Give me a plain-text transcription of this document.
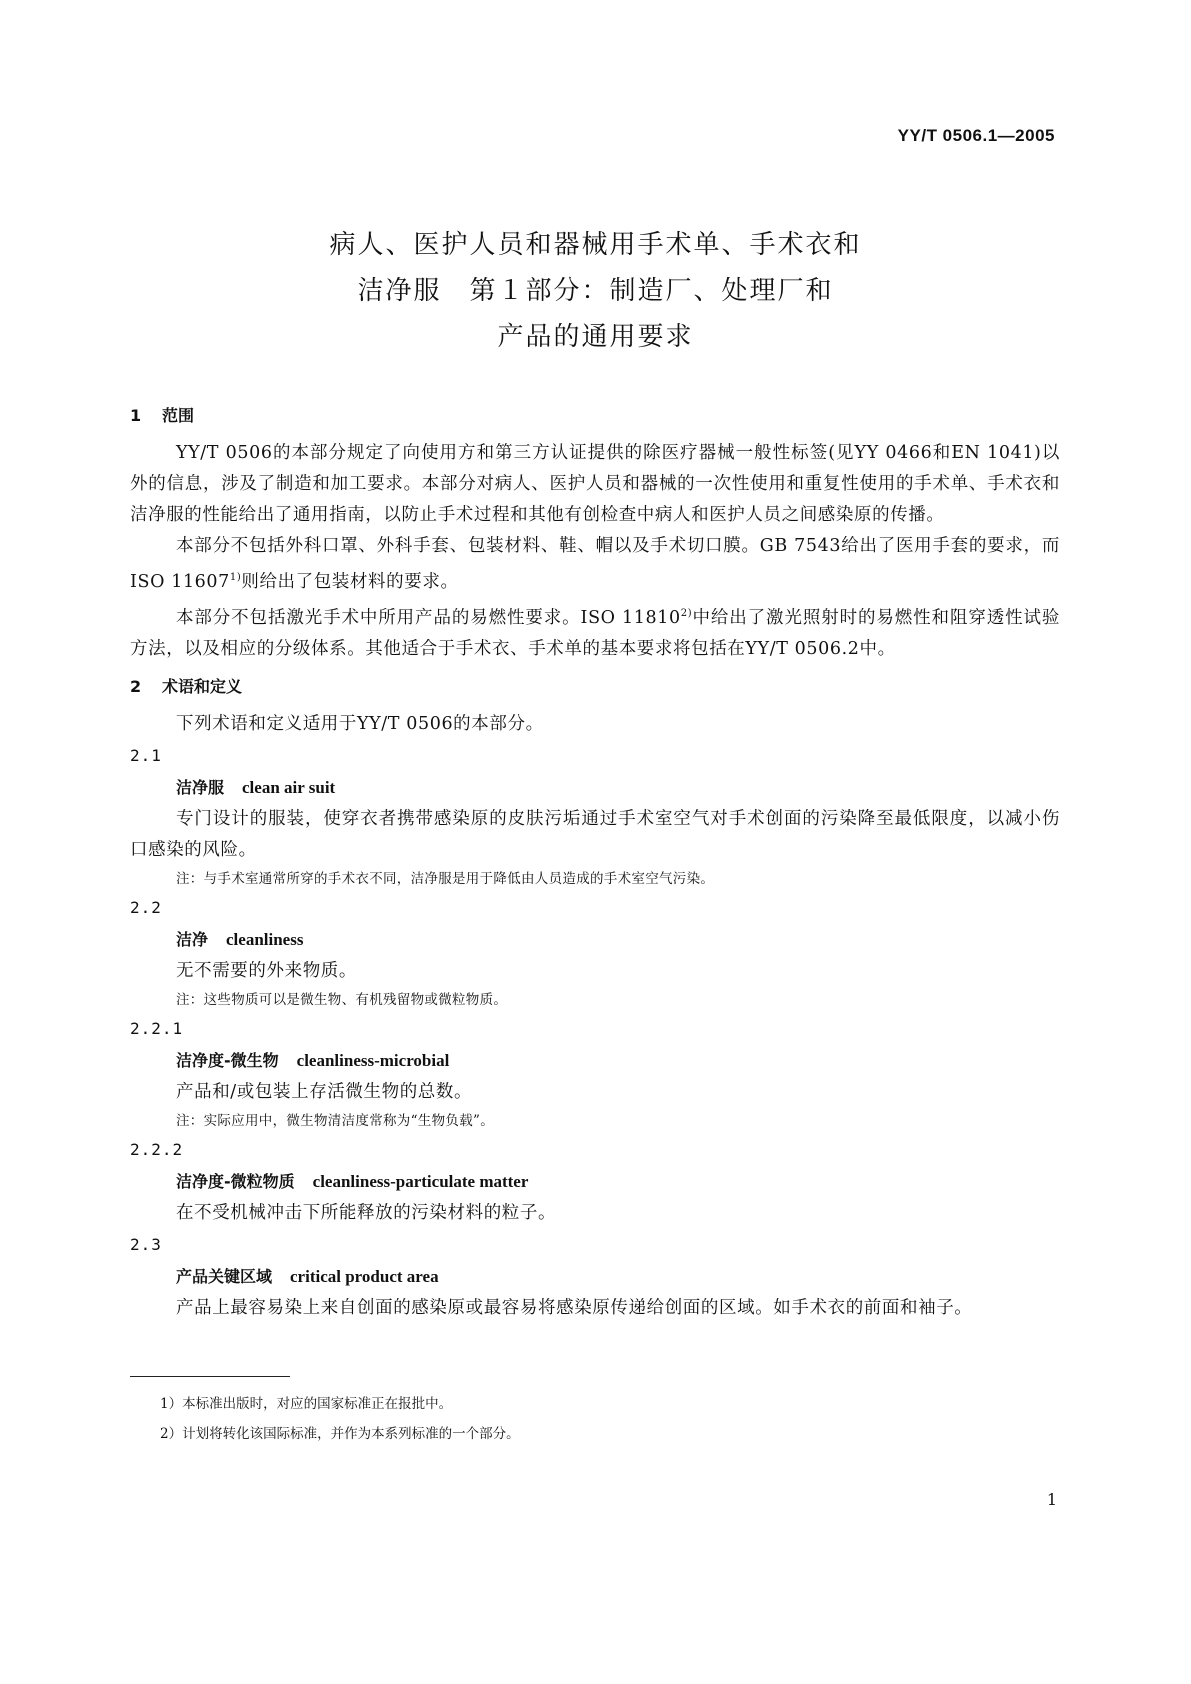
YY/T 0506.1—2005
病人、医护人员和器械用手术单、手术衣和
洁净服　第１部分：制造厂、处理厂和
产品的通用要求
1 范围

YY/T 0506的本部分规定了向使用方和第三方认证提供的除医疗器械一般性标签(见YY 0466和EN 1041)以外的信息，涉及了制造和加工要求。本部分对病人、医护人员和器械的一次性使用和重复性使用的手术单、手术衣和洁净服的性能给出了通用指南，以防止手术过程和其他有创检查中病人和医护人员之间感染原的传播。

本部分不包括外科口罩、外科手套、包装材料、鞋、帽以及手术切口膜。GB 7543给出了医用手套的要求，而ISO 11607$^{1)}$则给出了包装材料的要求。

本部分不包括激光手术中所用产品的易燃性要求。ISO 11810$^{2)}$中给出了激光照射时的易燃性和阻穿透性试验方法，以及相应的分级体系。其他适合于手术衣、手术单的基本要求将包括在YY/T 0506.2中。

2 术语和定义

下列术语和定义适用于YY/T 0506的本部分。

2.1
洁净服 clean air suit

专门设计的服装，使穿衣者携带感染原的皮肤污垢通过手术室空气对手术创面的污染降至最低限度，以减小伤口感染的风险。

注：与手术室通常所穿的手术衣不同，洁净服是用于降低由人员造成的手术室空气污染。
2.2
洁净 cleanliness

无不需要的外来物质。

注：这些物质可以是微生物、有机残留物或微粒物质。
2.2.1
洁净度-微生物 cleanliness-microbial

产品和/或包装上存活微生物的总数。

注：实际应用中，微生物清洁度常称为“生物负载”。
2.2.2
洁净度-微粒物质 cleanliness-particulate matter

在不受机械冲击下所能释放的污染材料的粒子。

2.3
产品关键区域 critical product area

产品上最容易染上来自创面的感染原或最容易将感染原传递给创面的区域。如手术衣的前面和袖子。

1）本标准出版时，对应的国家标准正在报批中。
2）计划将转化该国际标准，并作为本系列标准的一个部分。
1
